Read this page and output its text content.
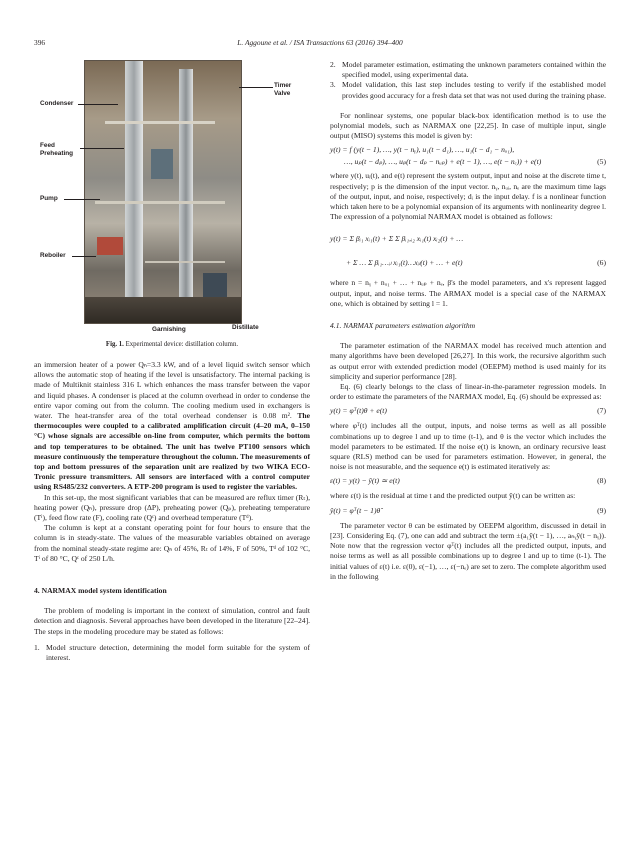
396	L. Aggoune et al. / ISA Transactions 63 (2016) 394–400
Timer
Valve
Condenser
Feed
Preheating
Pump
Reboiler
Garnishing	Distillate
Fig. 1. Experimental device: distillation column.

an immersion heater of a power Qₕ=3.3 kW, and of a level liquid switch sensor which allows the automatic stop of heating if the level is unsatisfactory. The internal packing is made of Multiknit stainless 316 L which enhances the mass transfer between the vapor and liquid phases. A condenser is placed at the column overhead in order to condense the entire vapor coming out from the column. The cooling medium used in exchangers is water. The heat-transfer area of the total overhead condenser is 0.08 m². The thermocouples were coupled to a calibrated amplification circuit (4–20 mA, 0–150 °C) whose signals are accessible on-line from computer, which permits the bottom and top temperatures to be obtained. The unit has twelve PT100 sensors which measure continuously the temperature throughout the column. The measurements of top and bottom pressures of the separation unit are realized by two WIKA ECO-Tronic pressure transmitters. All sensors are interfaced with a control computer using RS485/232 converters. A ETP-200 program is used to register the variables.

In this set-up, the most significant variables that can be measured are reflux timer (Rₜ), heating power (Qₕ), pressure drop (ΔP), preheating power (Qₚ), preheating temperature (Tⁱ), feed flow rate (F), cooling rate (Qᶜ) and overhead temperature (Tᵈ).

The column is kept at a constant operating point for four hours to ensure that the column is in steady-state. The values of the measurable variables obtained on average from the nominal steady-state regime are: Qₕ of 45%, Rₜ of 14%, F of 50%, Tᵈ of 102 °C, Tⁱ of 80 °C, Qᶜ of 250 L/h.

4. NARMAX model system identification

The problem of modeling is important in the context of simulation, control and fault detection and diagnosis. Several approaches have been developed in the literature [22–24]. The steps in the modeling procedure may be stated as follows:

1. Model structure detection, determining the model form suitable for the system of interest.
2. Model parameter estimation, estimating the unknown parameters contained within the specified model, using experimental data.
3. Model validation, this last step includes testing to verify if the established model provides good accuracy for a fresh data set that was not used during the training phase.

For nonlinear systems, one popular black-box identification method is to use the polynomial models, such as NARMAX one [22,25]. In case of multiple input, single output (MISO) systems this model is given by:

y(t) = f (y(t − 1), …, y(t − nᵧ), u₁(t − d₁), …, u₁(t − d₁ − nᵤ₁),
…, uₚ(t − dₚ), …, uₚ(t − dₚ − nᵤₚ) + e(t − 1), …, e(t − nₑ)) + e(t)	(5)

where y(t), uᵢ(t), and e(t) represent the system output, input and noise at the discrete time t, respectively; p is the dimension of the input vector. nᵧ, nᵤᵢ, nₑ are the maximum time lags of the output, input, and noise, respectively; dᵢ is the input delay. f is a nonlinear function which taken here to be a polynomial expansion of its arguments with nonlinearity degree l. The expression of a polynomial NARMAX model is obtained as follows:

y(t) = Σ βᵢ₁ xᵢ₁(t) + Σ Σ βᵢ₁,ᵢ₂ xᵢ₁(t) xᵢ₂(t) + …
+ Σ … Σ βᵢ₁…ᵢₗ xᵢ₁(t)…xᵢₗ(t) + … + e(t)	(6)

where n = nᵧ + nᵤ₁ + … + nᵤₚ + nₑ, β's the model parameters, and x's represent lagged output, input, and noise terms. The ARMAX model is a special case of the NARMAX one, which is obtained by setting l = 1.

4.1. NARMAX parameters estimation algorithm

The parameter estimation of the NARMAX model has received much attention and many algorithms have been developed [26,27]. In this work, the recursive algorithm such as output error with extended prediction model (OEEPM) method is used mainly for its simplicity and superior performance [28].

Eq. (6) clearly belongs to the class of linear-in-the-parameter regression models. In order to estimate the parameters of the NARMAX model, Eq. (6) should be expressed as:

y(t) = φᵀ(t)θ + e(t)	(7)

where φᵀ(t) includes all the output, inputs, and noise terms as well as all possible combinations up to degree l and up to time (t-1), and θ is the vector which includes the model parameters to be estimated. If the noise e(t) is known, an ordinary recursive least square (RLS) method can be used for parameters estimation. However, in general, the noise is not measurable, and the sequence e(t) is estimated iteratively as:

ε(t) = y(t) − ŷ(t) ≃ e(t)	(8)

where ε(t) is the residual at time t and the predicted output ŷ(t) can be written as:

ŷ(t) = φᵀ(t − 1)θ̂	(9)

The parameter vector θ can be estimated by OEEPM algorithm, discussed in detail in [23]. Considering Eq. (7), one can add and subtract the term ±(a₁ŷ(t − 1), …, aₙᵧŷ(t − nᵧ)). Note now that the regression vector φᵀ(t) includes all the predicted output, inputs, and noise terms as well as all possible combinations up to degree l and up to time (t-1). The initial values of ε(t) i.e. ε(0), ε(−1), …, ε(−nₑ) are set to zero. The complete algorithm used in the following
